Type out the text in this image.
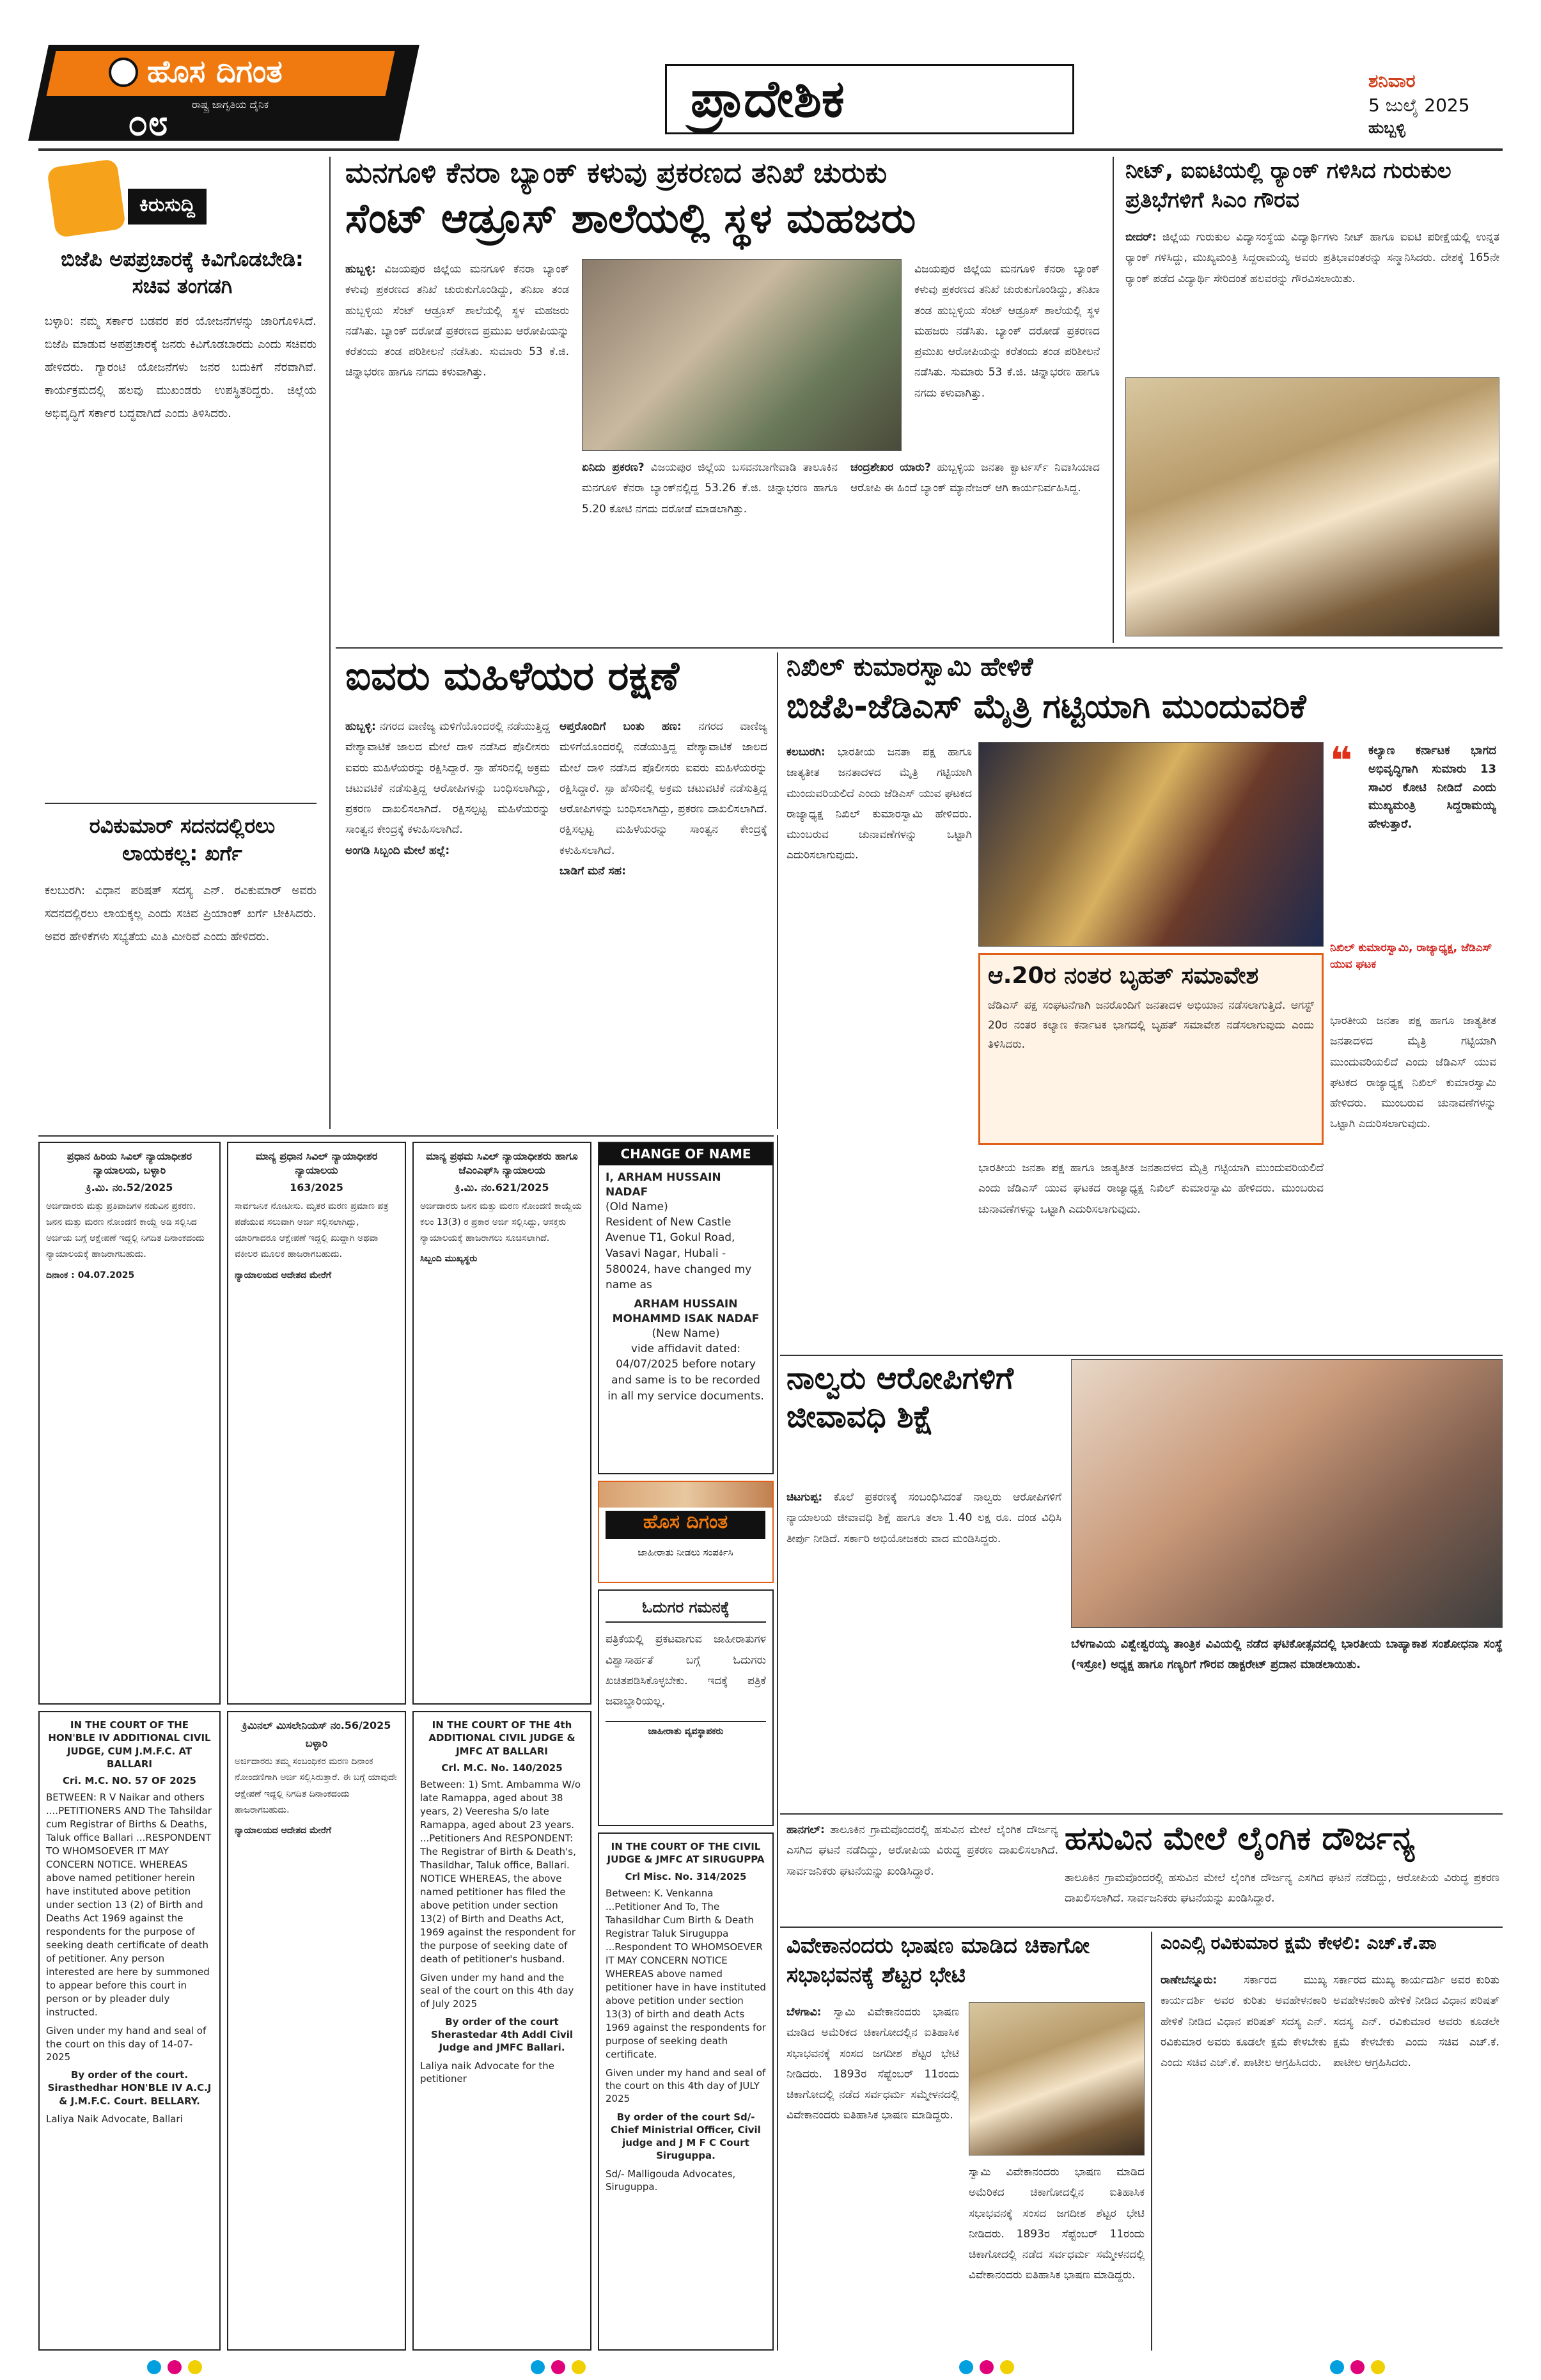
ಹೊಸ ದಿಗಂತ
ರಾಷ್ಟ್ರ ಜಾಗೃತಿಯ ದೈನಿಕ
೦೮	ಪ್ರಾದೇಶಿಕ	ಶನಿವಾರ
5 ಜುಲೈ 2025
ಹುಬ್ಬಳ್ಳಿ
ಕಿರುಸುದ್ದಿ
ಬಿಜೆಪಿ ಅಪಪ್ರಚಾರಕ್ಕೆ ಕಿವಿಗೊಡಬೇಡಿ: ಸಚಿವ ತಂಗಡಗಿ
ಬಳ್ಳಾರಿ: ನಮ್ಮ ಸರ್ಕಾರ ಬಡವರ ಪರ ಯೋಜನೆಗಳನ್ನು ಜಾರಿಗೊಳಿಸಿದೆ. ಬಿಜೆಪಿ ಮಾಡುವ ಅಪಪ್ರಚಾರಕ್ಕೆ ಜನರು ಕಿವಿಗೊಡಬಾರದು ಎಂದು ಸಚಿವರು ಹೇಳಿದರು. ಗ್ಯಾರಂಟಿ ಯೋಜನೆಗಳು ಜನರ ಬದುಕಿಗೆ ನೆರವಾಗಿವೆ. ಕಾರ್ಯಕ್ರಮದಲ್ಲಿ ಹಲವು ಮುಖಂಡರು ಉಪಸ್ಥಿತರಿದ್ದರು. ಜಿಲ್ಲೆಯ ಅಭಿವೃದ್ಧಿಗೆ ಸರ್ಕಾರ ಬದ್ಧವಾಗಿದೆ ಎಂದು ತಿಳಿಸಿದರು.
ರವಿಕುಮಾರ್ ಸದನದಲ್ಲಿರಲು ಲಾಯಕಲ್ಲ: ಖರ್ಗೆ
ಕಲಬುರಗಿ: ವಿಧಾನ ಪರಿಷತ್ ಸದಸ್ಯ ಎನ್. ರವಿಕುಮಾರ್ ಅವರು ಸದನದಲ್ಲಿರಲು ಲಾಯಕ್ಕಲ್ಲ ಎಂದು ಸಚಿವ ಪ್ರಿಯಾಂಕ್ ಖರ್ಗೆ ಟೀಕಿಸಿದರು. ಅವರ ಹೇಳಿಕೆಗಳು ಸಭ್ಯತೆಯ ಮಿತಿ ಮೀರಿವೆ ಎಂದು ಹೇಳಿದರು.
ಮನಗೂಳಿ ಕೆನರಾ ಬ್ಯಾಂಕ್ ಕಳುವು ಪ್ರಕರಣದ ತನಿಖೆ ಚುರುಕು
ಸೆಂಟ್ ಆಡ್ರೂಸ್ ಶಾಲೆಯಲ್ಲಿ ಸ್ಥಳ ಮಹಜರು
ಹುಬ್ಬಳ್ಳಿ: ವಿಜಯಪುರ ಜಿಲ್ಲೆಯ ಮನಗೂಳಿ ಕೆನರಾ ಬ್ಯಾಂಕ್ ಕಳುವು ಪ್ರಕರಣದ ತನಿಖೆ ಚುರುಕುಗೊಂಡಿದ್ದು, ತನಿಖಾ ತಂಡ ಹುಬ್ಬಳ್ಳಿಯ ಸೆಂಟ್ ಆಡ್ರೂಸ್ ಶಾಲೆಯಲ್ಲಿ ಸ್ಥಳ ಮಹಜರು ನಡೆಸಿತು. ಬ್ಯಾಂಕ್ ದರೋಡೆ ಪ್ರಕರಣದ ಪ್ರಮುಖ ಆರೋಪಿಯನ್ನು ಕರೆತಂದು ತಂಡ ಪರಿಶೀಲನೆ ನಡೆಸಿತು. ಸುಮಾರು 53 ಕೆ.ಜಿ. ಚಿನ್ನಾಭರಣ ಹಾಗೂ ನಗದು ಕಳುವಾಗಿತ್ತು.
ಏನಿದು ಪ್ರಕರಣ? ವಿಜಯಪುರ ಜಿಲ್ಲೆಯ ಬಸವನಬಾಗೇವಾಡಿ ತಾಲೂಕಿನ ಮನಗೂಳಿ ಕೆನರಾ ಬ್ಯಾಂಕ್‌ನಲ್ಲಿದ್ದ 53.26 ಕೆ.ಜಿ. ಚಿನ್ನಾಭರಣ ಹಾಗೂ 5.20 ಕೋಟಿ ನಗದು ದರೋಡೆ ಮಾಡಲಾಗಿತ್ತು.
ಚಂದ್ರಶೇಖರ ಯಾರು? ಹುಬ್ಬಳ್ಳಿಯ ಜನತಾ ಕ್ವಾರ್ಟರ್ಸ್ ನಿವಾಸಿಯಾದ ಆರೋಪಿ ಈ ಹಿಂದೆ ಬ್ಯಾಂಕ್ ಮ್ಯಾನೇಜರ್ ಆಗಿ ಕಾರ್ಯನಿರ್ವಹಿಸಿದ್ದ.
ವಿಜಯಪುರ ಜಿಲ್ಲೆಯ ಮನಗೂಳಿ ಕೆನರಾ ಬ್ಯಾಂಕ್ ಕಳುವು ಪ್ರಕರಣದ ತನಿಖೆ ಚುರುಕುಗೊಂಡಿದ್ದು, ತನಿಖಾ ತಂಡ ಹುಬ್ಬಳ್ಳಿಯ ಸೆಂಟ್ ಆಡ್ರೂಸ್ ಶಾಲೆಯಲ್ಲಿ ಸ್ಥಳ ಮಹಜರು ನಡೆಸಿತು. ಬ್ಯಾಂಕ್ ದರೋಡೆ ಪ್ರಕರಣದ ಪ್ರಮುಖ ಆರೋಪಿಯನ್ನು ಕರೆತಂದು ತಂಡ ಪರಿಶೀಲನೆ ನಡೆಸಿತು. ಸುಮಾರು 53 ಕೆ.ಜಿ. ಚಿನ್ನಾಭರಣ ಹಾಗೂ ನಗದು ಕಳುವಾಗಿತ್ತು.
ನೀಟ್, ಐಐಟಿಯಲ್ಲಿ ರ‍್ಯಾಂಕ್ ಗಳಿಸಿದ ಗುರುಕುಲ ಪ್ರತಿಭೆಗಳಿಗೆ ಸಿಎಂ ಗೌರವ
ಬೀದರ್: ಜಿಲ್ಲೆಯ ಗುರುಕುಲ ವಿದ್ಯಾಸಂಸ್ಥೆಯ ವಿದ್ಯಾರ್ಥಿಗಳು ನೀಟ್ ಹಾಗೂ ಐಐಟಿ ಪರೀಕ್ಷೆಯಲ್ಲಿ ಉನ್ನತ ರ‍್ಯಾಂಕ್ ಗಳಿಸಿದ್ದು, ಮುಖ್ಯಮಂತ್ರಿ ಸಿದ್ದರಾಮಯ್ಯ ಅವರು ಪ್ರತಿಭಾವಂತರನ್ನು ಸನ್ಮಾನಿಸಿದರು. ದೇಶಕ್ಕೆ 165ನೇ ರ‍್ಯಾಂಕ್ ಪಡೆದ ವಿದ್ಯಾರ್ಥಿ ಸೇರಿದಂತೆ ಹಲವರನ್ನು ಗೌರವಿಸಲಾಯಿತು.
ಐವರು ಮಹಿಳೆಯರ ರಕ್ಷಣೆ
ಹುಬ್ಬಳ್ಳಿ: ನಗರದ ವಾಣಿಜ್ಯ ಮಳಿಗೆಯೊಂದರಲ್ಲಿ ನಡೆಯುತ್ತಿದ್ದ ವೇಶ್ಯಾವಾಟಿಕೆ ಜಾಲದ ಮೇಲೆ ದಾಳಿ ನಡೆಸಿದ ಪೊಲೀಸರು ಐವರು ಮಹಿಳೆಯರನ್ನು ರಕ್ಷಿಸಿದ್ದಾರೆ. ಸ್ಪಾ ಹೆಸರಿನಲ್ಲಿ ಅಕ್ರಮ ಚಟುವಟಿಕೆ ನಡೆಸುತ್ತಿದ್ದ ಆರೋಪಿಗಳನ್ನು ಬಂಧಿಸಲಾಗಿದ್ದು, ಪ್ರಕರಣ ದಾಖಲಿಸಲಾಗಿದೆ. ರಕ್ಷಿಸಲ್ಪಟ್ಟ ಮಹಿಳೆಯರನ್ನು ಸಾಂತ್ವನ ಕೇಂದ್ರಕ್ಕೆ ಕಳುಹಿಸಲಾಗಿದೆ.
ಅಂಗಡಿ ಸಿಬ್ಬಂದಿ ಮೇಲೆ ಹಲ್ಲೆ:
ಆಪ್ತರೊಂದಿಗೆ ಬಂತು ಹಣ: ನಗರದ ವಾಣಿಜ್ಯ ಮಳಿಗೆಯೊಂದರಲ್ಲಿ ನಡೆಯುತ್ತಿದ್ದ ವೇಶ್ಯಾವಾಟಿಕೆ ಜಾಲದ ಮೇಲೆ ದಾಳಿ ನಡೆಸಿದ ಪೊಲೀಸರು ಐವರು ಮಹಿಳೆಯರನ್ನು ರಕ್ಷಿಸಿದ್ದಾರೆ. ಸ್ಪಾ ಹೆಸರಿನಲ್ಲಿ ಅಕ್ರಮ ಚಟುವಟಿಕೆ ನಡೆಸುತ್ತಿದ್ದ ಆರೋಪಿಗಳನ್ನು ಬಂಧಿಸಲಾಗಿದ್ದು, ಪ್ರಕರಣ ದಾಖಲಿಸಲಾಗಿದೆ. ರಕ್ಷಿಸಲ್ಪಟ್ಟ ಮಹಿಳೆಯರನ್ನು ಸಾಂತ್ವನ ಕೇಂದ್ರಕ್ಕೆ ಕಳುಹಿಸಲಾಗಿದೆ.
ಬಾಡಿಗೆ ಮನೆ ಸಹ:
ನಿಖಿಲ್ ಕುಮಾರಸ್ವಾಮಿ ಹೇಳಿಕೆ
ಬಿಜೆಪಿ-ಜೆಡಿಎಸ್ ಮೈತ್ರಿ ಗಟ್ಟಿಯಾಗಿ ಮುಂದುವರಿಕೆ
ಕಲಬುರಗಿ: ಭಾರತೀಯ ಜನತಾ ಪಕ್ಷ ಹಾಗೂ ಜಾತ್ಯತೀತ ಜನತಾದಳದ ಮೈತ್ರಿ ಗಟ್ಟಿಯಾಗಿ ಮುಂದುವರಿಯಲಿದೆ ಎಂದು ಜೆಡಿಎಸ್ ಯುವ ಘಟಕದ ರಾಜ್ಯಾಧ್ಯಕ್ಷ ನಿಖಿಲ್ ಕುಮಾರಸ್ವಾಮಿ ಹೇಳಿದರು. ಮುಂಬರುವ ಚುನಾವಣೆಗಳನ್ನು ಒಟ್ಟಾಗಿ ಎದುರಿಸಲಾಗುವುದು.
❝	ಕಲ್ಯಾಣ ಕರ್ನಾಟಕ ಭಾಗದ ಅಭಿವೃದ್ಧಿಗಾಗಿ ಸುಮಾರು 13 ಸಾವಿರ ಕೋಟಿ ನೀಡಿದೆ ಎಂದು ಮುಖ್ಯಮಂತ್ರಿ ಸಿದ್ದರಾಮಯ್ಯ ಹೇಳುತ್ತಾರೆ.
ನಿಖಿಲ್ ಕುಮಾರಸ್ವಾಮಿ, ರಾಜ್ಯಾಧ್ಯಕ್ಷ, ಜೆಡಿಎಸ್ ಯುವ ಘಟಕ
ಆ.20ರ ನಂತರ ಬೃಹತ್ ಸಮಾವೇಶ
ಜೆಡಿಎಸ್ ಪಕ್ಷ ಸಂಘಟನೆಗಾಗಿ ಜನರೊಂದಿಗೆ ಜನತಾದಳ ಅಭಿಯಾನ ನಡೆಸಲಾಗುತ್ತಿದೆ. ಆಗಸ್ಟ್ 20ರ ನಂತರ ಕಲ್ಯಾಣ ಕರ್ನಾಟಕ ಭಾಗದಲ್ಲಿ ಬೃಹತ್ ಸಮಾವೇಶ ನಡೆಸಲಾಗುವುದು ಎಂದು ತಿಳಿಸಿದರು.
ಭಾರತೀಯ ಜನತಾ ಪಕ್ಷ ಹಾಗೂ ಜಾತ್ಯತೀತ ಜನತಾದಳದ ಮೈತ್ರಿ ಗಟ್ಟಿಯಾಗಿ ಮುಂದುವರಿಯಲಿದೆ ಎಂದು ಜೆಡಿಎಸ್ ಯುವ ಘಟಕದ ರಾಜ್ಯಾಧ್ಯಕ್ಷ ನಿಖಿಲ್ ಕುಮಾರಸ್ವಾಮಿ ಹೇಳಿದರು. ಮುಂಬರುವ ಚುನಾವಣೆಗಳನ್ನು ಒಟ್ಟಾಗಿ ಎದುರಿಸಲಾಗುವುದು.
ಭಾರತೀಯ ಜನತಾ ಪಕ್ಷ ಹಾಗೂ ಜಾತ್ಯತೀತ ಜನತಾದಳದ ಮೈತ್ರಿ ಗಟ್ಟಿಯಾಗಿ ಮುಂದುವರಿಯಲಿದೆ ಎಂದು ಜೆಡಿಎಸ್ ಯುವ ಘಟಕದ ರಾಜ್ಯಾಧ್ಯಕ್ಷ ನಿಖಿಲ್ ಕುಮಾರಸ್ವಾಮಿ ಹೇಳಿದರು. ಮುಂಬರುವ ಚುನಾವಣೆಗಳನ್ನು ಒಟ್ಟಾಗಿ ಎದುರಿಸಲಾಗುವುದು.
ಪ್ರಧಾನ ಹಿರಿಯ ಸಿವಿಲ್ ನ್ಯಾಯಾಧೀಶರ ನ್ಯಾಯಾಲಯ, ಬಳ್ಳಾರಿ
ಕ್ರಿ.ಮಿ. ನಂ.52/2025
ಅರ್ಜಿದಾರರು ಮತ್ತು ಪ್ರತಿವಾದಿಗಳ ನಡುವಿನ ಪ್ರಕರಣ. ಜನನ ಮತ್ತು ಮರಣ ನೋಂದಣಿ ಕಾಯ್ದೆ ಅಡಿ ಸಲ್ಲಿಸಿದ ಅರ್ಜಿಯ ಬಗ್ಗೆ ಆಕ್ಷೇಪಣೆ ಇದ್ದಲ್ಲಿ ನಿಗದಿತ ದಿನಾಂಕದಂದು ನ್ಯಾಯಾಲಯಕ್ಕೆ ಹಾಜರಾಗಬಹುದು.
ದಿನಾಂಕ : 04.07.2025
ಮಾನ್ಯ ಪ್ರಧಾನ ಸಿವಿಲ್ ನ್ಯಾಯಾಧೀಶರ ನ್ಯಾಯಾಲಯ
163/2025
ಸಾರ್ವಜನಿಕ ನೋಟೀಸು. ಮೃತರ ಮರಣ ಪ್ರಮಾಣ ಪತ್ರ ಪಡೆಯುವ ಸಲುವಾಗಿ ಅರ್ಜಿ ಸಲ್ಲಿಸಲಾಗಿದ್ದು, ಯಾರಿಗಾದರೂ ಆಕ್ಷೇಪಣೆ ಇದ್ದಲ್ಲಿ ಖುದ್ದಾಗಿ ಅಥವಾ ವಕೀಲರ ಮೂಲಕ ಹಾಜರಾಗಬಹುದು.
ನ್ಯಾಯಾಲಯದ ಆದೇಶದ ಮೇರೆಗೆ
ಮಾನ್ಯ ಪ್ರಥಮ ಸಿವಿಲ್ ನ್ಯಾಯಾಧೀಶರು ಹಾಗೂ ಜೆಎಂಎಫ್‌ಸಿ ನ್ಯಾಯಾಲಯ
ಕ್ರಿ.ಮಿ. ನಂ.621/2025
ಅರ್ಜಿದಾರರು ಜನನ ಮತ್ತು ಮರಣ ನೋಂದಣಿ ಕಾಯ್ದೆಯ ಕಲಂ 13(3) ರ ಪ್ರಕಾರ ಅರ್ಜಿ ಸಲ್ಲಿಸಿದ್ದು, ಆಸಕ್ತರು ನ್ಯಾಯಾಲಯಕ್ಕೆ ಹಾಜರಾಗಲು ಸೂಚಿಸಲಾಗಿದೆ.
ಸಿಬ್ಬಂದಿ ಮುಖ್ಯಸ್ಥರು
CHANGE OF NAME
I, ARHAM HUSSAIN NADAF
(Old Name)
Resident of New Castle Avenue T1, Gokul Road, Vasavi Nagar, Hubali - 580024, have changed my name as
ARHAM HUSSAIN MOHAMMD ISAK NADAF
(New Name)
vide affidavit dated: 04/07/2025 before notary and same is to be recorded in all my service documents.
ಹೊಸ ದಿಗಂತ
ಜಾಹೀರಾತು ನೀಡಲು ಸಂಪರ್ಕಿಸಿ
ಓದುಗರ ಗಮನಕ್ಕೆ
ಪತ್ರಿಕೆಯಲ್ಲಿ ಪ್ರಕಟವಾಗುವ ಜಾಹೀರಾತುಗಳ ವಿಶ್ವಾಸಾರ್ಹತೆ ಬಗ್ಗೆ ಓದುಗರು ಖಚಿತಪಡಿಸಿಕೊಳ್ಳಬೇಕು. ಇದಕ್ಕೆ ಪತ್ರಿಕೆ ಜವಾಬ್ದಾರಿಯಲ್ಲ.
ಜಾಹೀರಾತು ವ್ಯವಸ್ಥಾಪಕರು
IN THE COURT OF THE HON'BLE IV ADDITIONAL CIVIL JUDGE, CUM J.M.F.C. AT BALLARI
Cri. M.C. NO. 57 OF 2025
BETWEEN: R V Naikar and others ....PETITIONERS AND The Tahsildar cum Registrar of Births & Deaths, Taluk office Ballari ...RESPONDENT TO WHOMSOEVER IT MAY CONCERN NOTICE. WHEREAS above named petitioner herein have instituted above petition under section 13 (2) of Birth and Deaths Act 1969 against the respondents for the purpose of seeking death certificate of death of petitioner. Any person interested are here by summoned to appear before this court in person or by pleader duly instructed.
Given under my hand and seal of the court on this day of 14-07-2025
By order of the court. Sirasthedhar HON'BLE IV A.C.J & J.M.F.C. Court. BELLARY.
Laliya Naik Advocate, Ballari
ಕ್ರಿಮಿನಲ್ ಮಿಸಲೇನಿಯಸ್ ನಂ.56/2025
ಬಳ್ಳಾರಿ
ಅರ್ಜಿದಾರರು ತಮ್ಮ ಸಂಬಂಧಿಕರ ಮರಣ ದಿನಾಂಕ ನೋಂದಣಿಗಾಗಿ ಅರ್ಜಿ ಸಲ್ಲಿಸಿರುತ್ತಾರೆ. ಈ ಬಗ್ಗೆ ಯಾವುದೇ ಆಕ್ಷೇಪಣೆ ಇದ್ದಲ್ಲಿ ನಿಗದಿತ ದಿನಾಂಕದಂದು ಹಾಜರಾಗಬಹುದು.
ನ್ಯಾಯಾಲಯದ ಆದೇಶದ ಮೇರೆಗೆ
IN THE COURT OF THE 4th ADDITIONAL CIVIL JUDGE & JMFC AT BALLARI
Crl. M.C. No. 140/2025
Between: 1) Smt. Ambamma W/o late Ramappa, aged about 38 years, 2) Veeresha S/o late Ramappa, aged about 23 years. ...Petitioners And RESPONDENT: The Registrar of Birth & Death's, Thasildhar, Taluk office, Ballari. NOTICE WHEREAS, the above named petitioner has filed the above petition under section 13(2) of Birth and Deaths Act, 1969 against the respondent for the purpose of seeking date of death of petitioner's husband.
Given under my hand and the seal of the court on this 4th day of July 2025
By order of the court Sherastedar 4th Addl Civil Judge and JMFC Ballari.
Laliya naik Advocate for the petitioner
IN THE COURT OF THE CIVIL JUDGE & JMFC AT SIRUGUPPA
Crl Misc. No. 314/2025
Between: K. Venkanna ...Petitioner And To, The Tahasildhar Cum Birth & Death Registrar Taluk Siruguppa ...Respondent TO WHOMSOEVER IT MAY CONCERN NOTICE WHEREAS above named petitioner have in have instituted above petition under section 13(3) of birth and death Acts 1969 against the respondents for purpose of seeking death certificate.
Given under my hand and seal of the court on this 4th day of JULY 2025
By order of the court Sd/- Chief Ministrial Officer, Civil judge and J M F C Court Siruguppa.
Sd/- Malligouda Advocates, Siruguppa.
ನಾಲ್ವರು ಆರೋಪಿಗಳಿಗೆ ಜೀವಾವಧಿ ಶಿಕ್ಷೆ
ಚಿಟಗುಪ್ಪ: ಕೊಲೆ ಪ್ರಕರಣಕ್ಕೆ ಸಂಬಂಧಿಸಿದಂತೆ ನಾಲ್ವರು ಆರೋಪಿಗಳಿಗೆ ನ್ಯಾಯಾಲಯ ಜೀವಾವಧಿ ಶಿಕ್ಷೆ ಹಾಗೂ ತಲಾ 1.40 ಲಕ್ಷ ರೂ. ದಂಡ ವಿಧಿಸಿ ತೀರ್ಪು ನೀಡಿದೆ. ಸರ್ಕಾರಿ ಅಭಿಯೋಜಕರು ವಾದ ಮಂಡಿಸಿದ್ದರು.
ಬೆಳಗಾವಿಯ ವಿಶ್ವೇಶ್ವರಯ್ಯ ತಾಂತ್ರಿಕ ವಿವಿಯಲ್ಲಿ ನಡೆದ ಘಟಿಕೋತ್ಸವದಲ್ಲಿ ಭಾರತೀಯ ಬಾಹ್ಯಾಕಾಶ ಸಂಶೋಧನಾ ಸಂಸ್ಥೆ (ಇಸ್ರೋ) ಅಧ್ಯಕ್ಷ ಹಾಗೂ ಗಣ್ಯರಿಗೆ ಗೌರವ ಡಾಕ್ಟರೇಟ್ ಪ್ರದಾನ ಮಾಡಲಾಯಿತು.
ಹಸುವಿನ ಮೇಲೆ ಲೈಂಗಿಕ ದೌರ್ಜನ್ಯ
ಹಾನಗಲ್: ತಾಲೂಕಿನ ಗ್ರಾಮವೊಂದರಲ್ಲಿ ಹಸುವಿನ ಮೇಲೆ ಲೈಂಗಿಕ ದೌರ್ಜನ್ಯ ಎಸಗಿದ ಘಟನೆ ನಡೆದಿದ್ದು, ಆರೋಪಿಯ ವಿರುದ್ಧ ಪ್ರಕರಣ ದಾಖಲಿಸಲಾಗಿದೆ. ಸಾರ್ವಜನಿಕರು ಘಟನೆಯನ್ನು ಖಂಡಿಸಿದ್ದಾರೆ.
ತಾಲೂಕಿನ ಗ್ರಾಮವೊಂದರಲ್ಲಿ ಹಸುವಿನ ಮೇಲೆ ಲೈಂಗಿಕ ದೌರ್ಜನ್ಯ ಎಸಗಿದ ಘಟನೆ ನಡೆದಿದ್ದು, ಆರೋಪಿಯ ವಿರುದ್ಧ ಪ್ರಕರಣ ದಾಖಲಿಸಲಾಗಿದೆ. ಸಾರ್ವಜನಿಕರು ಘಟನೆಯನ್ನು ಖಂಡಿಸಿದ್ದಾರೆ.
ವಿವೇಕಾನಂದರು ಭಾಷಣ ಮಾಡಿದ ಚಿಕಾಗೋ ಸಭಾಭವನಕ್ಕೆ ಶೆಟ್ಟರ ಭೇಟಿ
ಬೆಳಗಾವಿ: ಸ್ವಾಮಿ ವಿವೇಕಾನಂದರು ಭಾಷಣ ಮಾಡಿದ ಅಮೆರಿಕದ ಚಿಕಾಗೋದಲ್ಲಿನ ಐತಿಹಾಸಿಕ ಸಭಾಭವನಕ್ಕೆ ಸಂಸದ ಜಗದೀಶ ಶೆಟ್ಟರ ಭೇಟಿ ನೀಡಿದರು. 1893ರ ಸೆಪ್ಟೆಂಬರ್ 11ರಂದು ಚಿಕಾಗೋದಲ್ಲಿ ನಡೆದ ಸರ್ವಧರ್ಮ ಸಮ್ಮೇಳನದಲ್ಲಿ ವಿವೇಕಾನಂದರು ಐತಿಹಾಸಿಕ ಭಾಷಣ ಮಾಡಿದ್ದರು.
ಸ್ವಾಮಿ ವಿವೇಕಾನಂದರು ಭಾಷಣ ಮಾಡಿದ ಅಮೆರಿಕದ ಚಿಕಾಗೋದಲ್ಲಿನ ಐತಿಹಾಸಿಕ ಸಭಾಭವನಕ್ಕೆ ಸಂಸದ ಜಗದೀಶ ಶೆಟ್ಟರ ಭೇಟಿ ನೀಡಿದರು. 1893ರ ಸೆಪ್ಟೆಂಬರ್ 11ರಂದು ಚಿಕಾಗೋದಲ್ಲಿ ನಡೆದ ಸರ್ವಧರ್ಮ ಸಮ್ಮೇಳನದಲ್ಲಿ ವಿವೇಕಾನಂದರು ಐತಿಹಾಸಿಕ ಭಾಷಣ ಮಾಡಿದ್ದರು.
ಎಂಎಲ್ಸಿ ರವಿಕುಮಾರ ಕ್ಷಮೆ ಕೇಳಲಿ: ಎಚ್.ಕೆ.ಪಾ
ರಾಣೇಬೆನ್ನೂರು: ಸರ್ಕಾರದ ಮುಖ್ಯ ಕಾರ್ಯದರ್ಶಿ ಅವರ ಕುರಿತು ಅವಹೇಳನಕಾರಿ ಹೇಳಿಕೆ ನೀಡಿದ ವಿಧಾನ ಪರಿಷತ್ ಸದಸ್ಯ ಎನ್. ರವಿಕುಮಾರ ಅವರು ಕೂಡಲೇ ಕ್ಷಮೆ ಕೇಳಬೇಕು ಎಂದು ಸಚಿವ ಎಚ್.ಕೆ. ಪಾಟೀಲ ಆಗ್ರಹಿಸಿದರು.
ಸರ್ಕಾರದ ಮುಖ್ಯ ಕಾರ್ಯದರ್ಶಿ ಅವರ ಕುರಿತು ಅವಹೇಳನಕಾರಿ ಹೇಳಿಕೆ ನೀಡಿದ ವಿಧಾನ ಪರಿಷತ್ ಸದಸ್ಯ ಎನ್. ರವಿಕುಮಾರ ಅವರು ಕೂಡಲೇ ಕ್ಷಮೆ ಕೇಳಬೇಕು ಎಂದು ಸಚಿವ ಎಚ್.ಕೆ. ಪಾಟೀಲ ಆಗ್ರಹಿಸಿದರು.
